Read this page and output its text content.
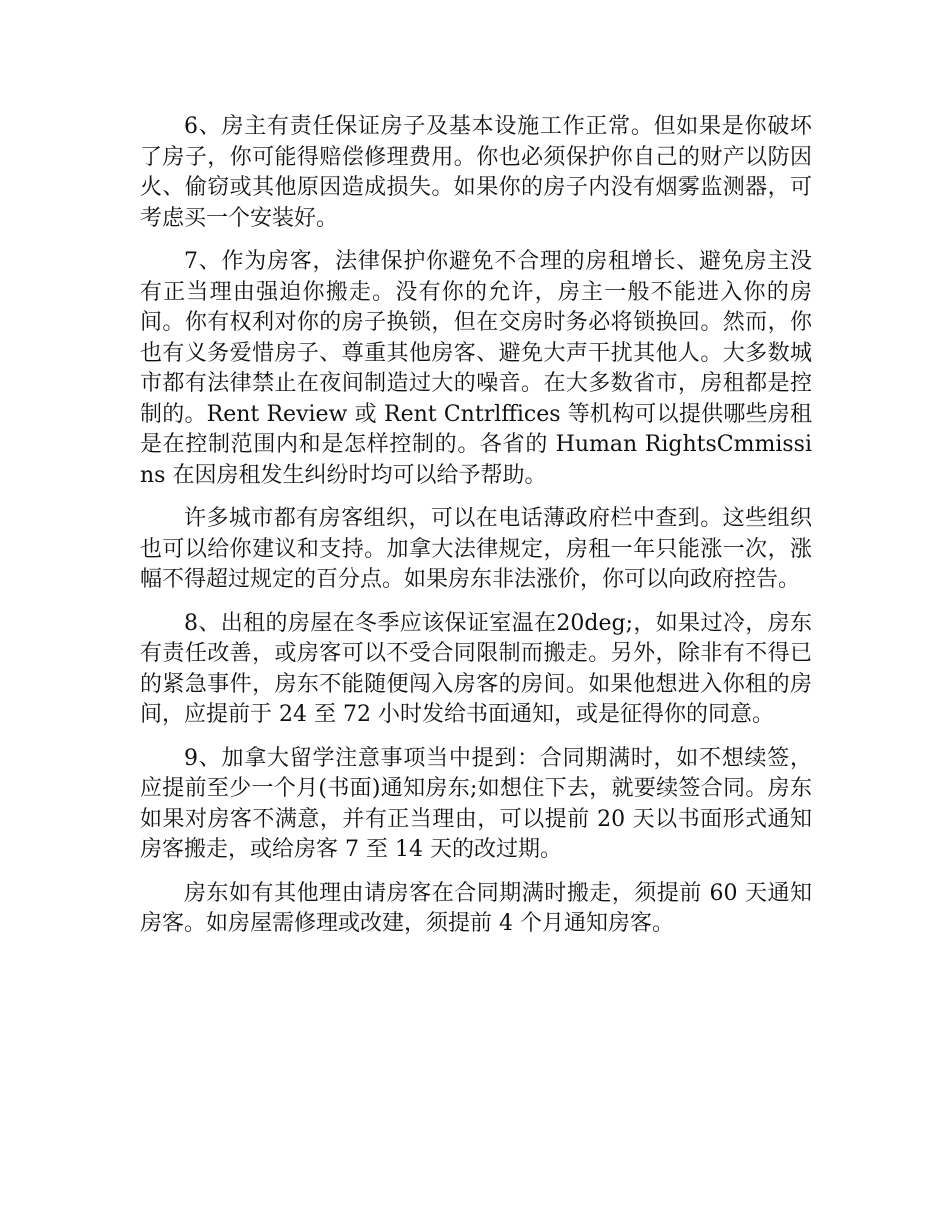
6、房主有责任保证房子及基本设施工作正常。但如果是你破坏了房子，你可能得赔偿修理费用。你也必须保护你自己的财产以防因火、偷窃或其他原因造成损失。如果你的房子内没有烟雾监测器，可考虑买一个安装好。

7、作为房客，法律保护你避免不合理的房租增长、避免房主没有正当理由强迫你搬走。没有你的允许，房主一般不能进入你的房间。你有权利对你的房子换锁，但在交房时务必将锁换回。然而，你也有义务爱惜房子、尊重其他房客、避免大声干扰其他人。大多数城市都有法律禁止在夜间制造过大的噪音。在大多数省市，房租都是控制的。Rent Review 或 Rent Cntrlffices 等机构可以提供哪些房租是在控制范围内和是怎样控制的。各省的 Human RightsCmmissins 在因房租发生纠纷时均可以给予帮助。

许多城市都有房客组织，可以在电话薄政府栏中查到。这些组织也可以给你建议和支持。加拿大法律规定，房租一年只能涨一次，涨幅不得超过规定的百分点。如果房东非法涨价，你可以向政府控告。

8、出租的房屋在冬季应该保证室温在20deg;，如果过冷，房东有责任改善，或房客可以不受合同限制而搬走。另外，除非有不得已的紧急事件，房东不能随便闯入房客的房间。如果他想进入你租的房间，应提前于 24 至 72 小时发给书面通知，或是征得你的同意。

9、加拿大留学注意事项当中提到：合同期满时，如不想续签，应提前至少一个月(书面)通知房东;如想住下去，就要续签合同。房东如果对房客不满意，并有正当理由，可以提前 20 天以书面形式通知房客搬走，或给房客 7 至 14 天的改过期。

房东如有其他理由请房客在合同期满时搬走，须提前 60 天通知房客。如房屋需修理或改建，须提前 4 个月通知房客。
